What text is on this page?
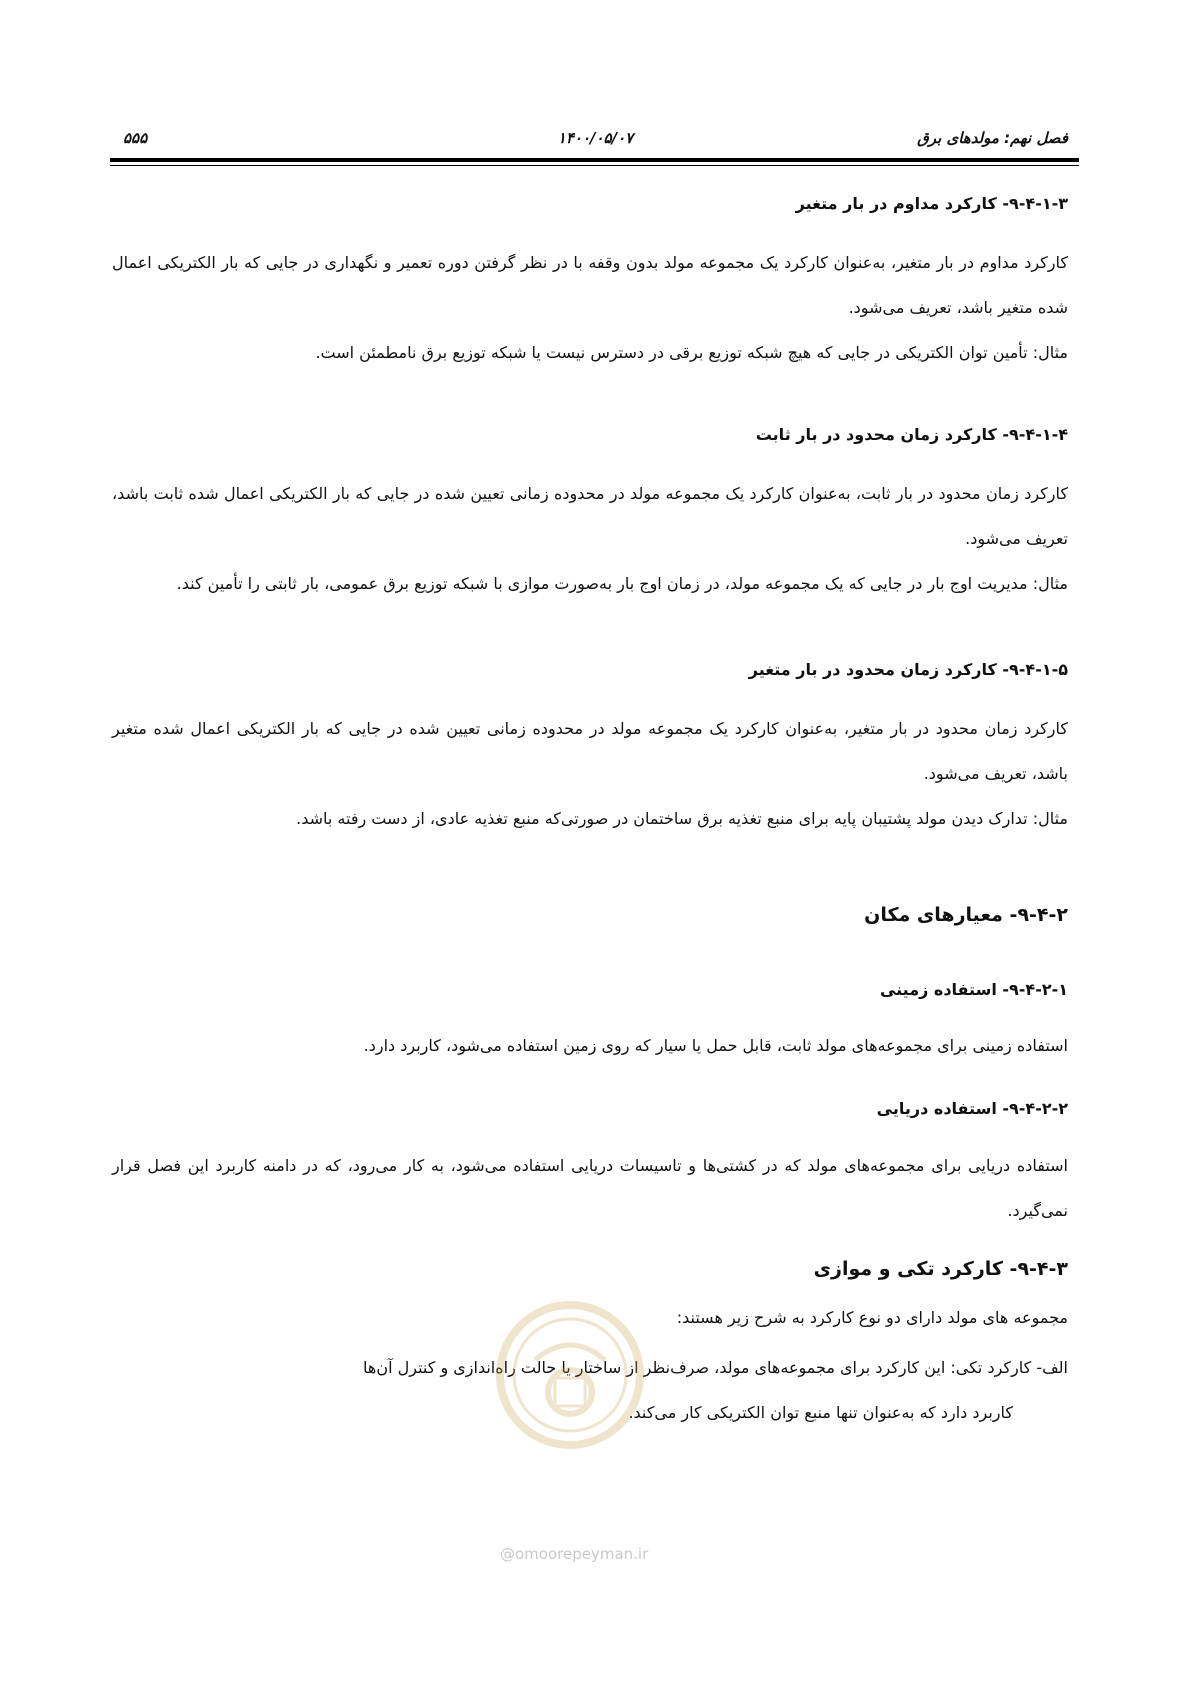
فصل نهم: مولدهای برق
۱۴۰۰/۰۵/۰۷
۵۵۵
۹-۴-۱-۳- کارکرد مداوم در بار متغیر
کارکرد مداوم در بار متغیر، به‌عنوان کارکرد یک مجموعه مولد بدون وقفه با در نظر گرفتن دوره تعمیر و نگهداری در جایی که بار الکتریکی اعمال شده متغیر باشد، تعریف می‌شود.
مثال: تأمین توان الکتریکی در جایی که هیچ شبکه توزیع برقی در دسترس نیست یا شبکه توزیع برق نامطمئن است.
۹-۴-۱-۴- کارکرد زمان محدود در بار ثابت
کارکرد زمان محدود در بار ثابت، به‌عنوان کارکرد یک مجموعه مولد در محدوده زمانی تعیین شده در جایی که بار الکتریکی اعمال شده ثابت باشد، تعریف می‌شود.
مثال: مدیریت اوج بار در جایی که یک مجموعه مولد، در زمان اوج بار به‌صورت موازی با شبکه توزیع برق عمومی، بار ثابتی را تأمین کند.
۹-۴-۱-۵- کارکرد زمان محدود در بار متغیر
کارکرد زمان محدود در بار متغیر، به‌عنوان کارکرد یک مجموعه مولد در محدوده زمانی تعیین شده در جایی که بار الکتریکی اعمال شده متغیر باشد، تعریف می‌شود.
مثال: تدارک دیدن مولد پشتیبان پایه برای منبع تغذیه برق ساختمان در صورتی‌که منبع تغذیه عادی، از دست رفته باشد.
۹-۴-۲- معیارهای مکان
۹-۴-۲-۱- استفاده زمینی
استفاده زمینی برای مجموعه‌های مولد ثابت، قابل حمل یا سیار که روی زمین استفاده می‌شود، کاربرد دارد.
۹-۴-۲-۲- استفاده دریایی
استفاده دریایی برای مجموعه‌های مولد که در کشتی‌ها و تاسیسات دریایی استفاده می‌شود، به کار می‌رود، که در دامنه کاربرد این فصل قرار نمی‌گیرد.
۹-۴-۳- کارکرد تکی و موازی
مجموعه های مولد دارای دو نوع کارکرد به شرح زیر هستند:
الف- کارکرد تکی: این کارکرد برای مجموعه‌های مولد، صرف‌نظر از ساختار یا حالت راه‌اندازی و کنترل آن‌ها
کاربرد دارد که به‌عنوان تنها منبع توان الکتریکی کار می‌کند.
@omoorepeyman.ir
